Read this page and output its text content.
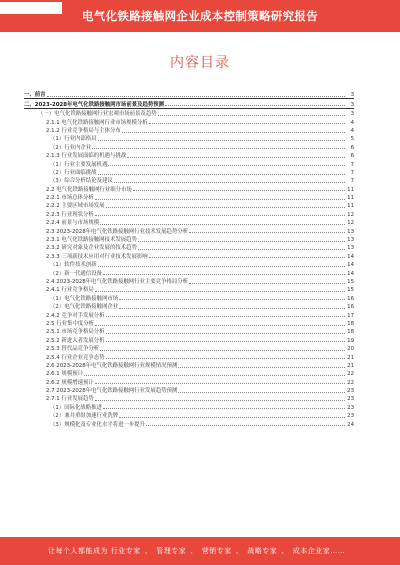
电气化铁路接触网企业成本控制策略研究报告
内容目录
一、前言	3
二、2023-2028年电气化铁路接触网市场前景及趋势预测	3
（一）电气化铁路接触网行业宏观市场前景及趋势	3
2.1.1 电气化铁路接触网行业市场规模分析	4
2.1.2 行业竞争格局与主体分布	4
（1）行业内部格局	5
（2）行业内企业	6
2.1.3 行业发展面临的机遇与挑战	6
（1）行业主要发展机遇	7
（2）行业面临挑战	7
（3）综合分析结论及建议	7
2.2 电气化铁路接触网行业细分市场	11
2.2.1 市场总体分析	11
2.2.2 主要区域市场发展	11
2.2.3 行业现状分析	12
2.2.4 前景与市场规模	12
2.3 2023-2028年电气化铁路接触网行业技术发展趋势分析	13
2.3.1 电气化铁路接触网技术发展趋势	13
2.3.2 研究对象及企业发展的技术趋势	13
2.3.3 三项新技术应用对行业技术发展影响	14
（1）软件技术创新	14
（2）新一代通信设备	14
2.4 2023-2028年电气化铁路接触网行业主要竞争格局分析	15
2.4.1 行业竞争格局	15
（1）电气化铁路接触网市场	16
（2）电气化铁路接触网企业	16
2.4.2 竞争对手发展分析	17
2.5 行业集中度分析	18
2.5.1 市场竞争格局分析	18
2.5.2 新进入者发展分析	19
2.5.3 替代品竞争分析	20
2.5.4 行业企业竞争态势	21
2.6 2023-2028年电气化铁路接触网行业规模情况预测	21
2.6.1 规模预计	22
2.6.2 规模增速预计	22
2.7 2023-2028年电气化铁路接触网行业发展趋势预测	23
2.7.1 行业发展趋势	23
（1）国际化战略推进	23
（2）兼并重组加速行业洗牌	23
（3）规模化及专业化水平将进一步提升	24
让每个人都能成为 行业专家 、 管理专家 、 营销专家 、 战略专家 、 成本企业家……
